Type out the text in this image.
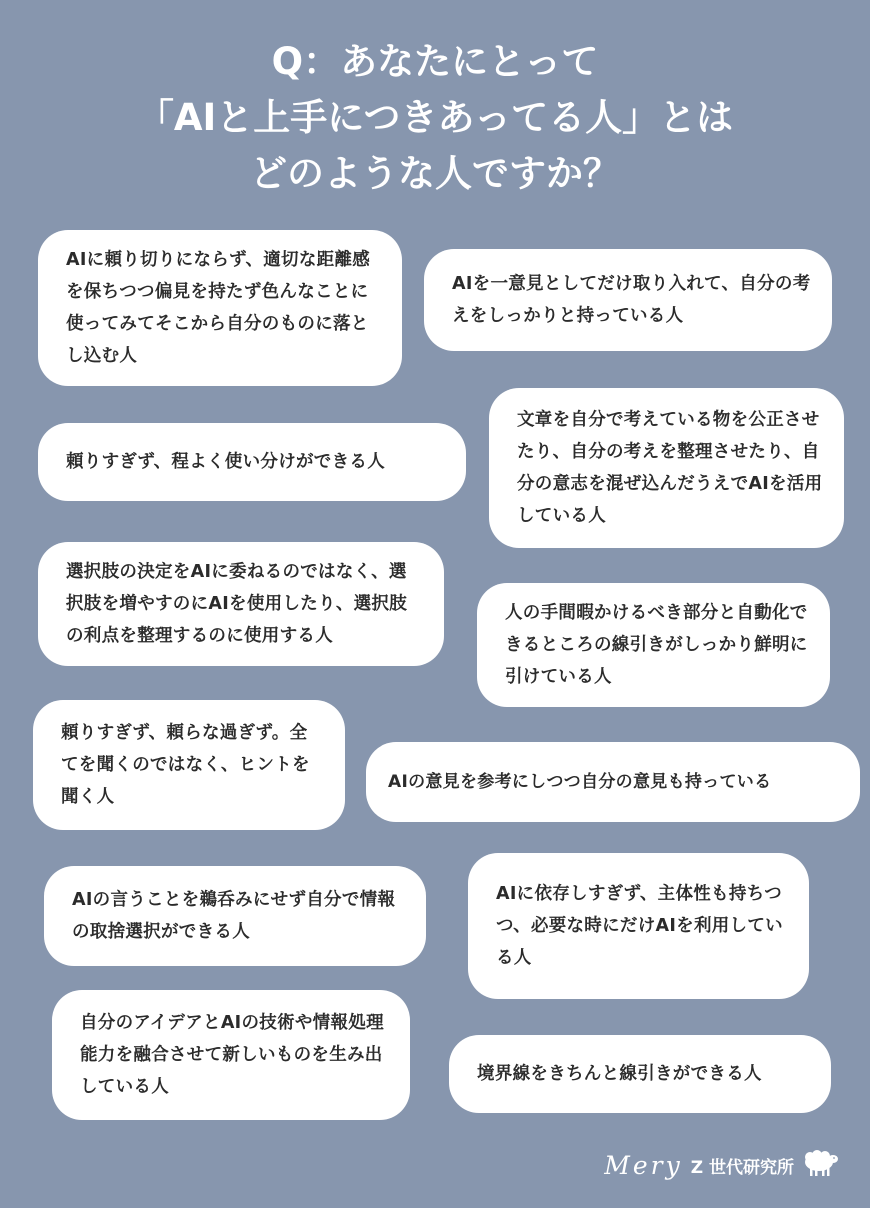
Q：あなたにとって
「AIと上手につきあってる人」とは
どのような人ですか？
AIに頼り切りにならず、適切な距離感を保ちつつ偏見を持たず色んなことに使ってみてそこから自分のものに落とし込む人
AIを一意見としてだけ取り入れて、自分の考えをしっかりと持っている人
頼りすぎず、程よく使い分けができる人
文章を自分で考えている物を公正させたり、自分の考えを整理させたり、自分の意志を混ぜ込んだうえでAIを活用している人
選択肢の決定をAIに委ねるのではなく、選択肢を増やすのにAIを使用したり、選択肢の利点を整理するのに使用する人
人の手間暇かけるべき部分と自動化できるところの線引きがしっかり鮮明に引けている人
頼りすぎず、頼らな過ぎず。全てを聞くのではなく、ヒントを聞く人
AIの意見を参考にしつつ自分の意見も持っている
AIの言うことを鵜呑みにせず自分で情報の取捨選択ができる人
AIに依存しすぎず、主体性も持ちつつ、必要な時にだけAIを利用している人
自分のアイデアとAIの技術や情報処理能力を融合させて新しいものを生み出している人
境界線をきちんと線引きができる人
Mery Z 世代研究所
